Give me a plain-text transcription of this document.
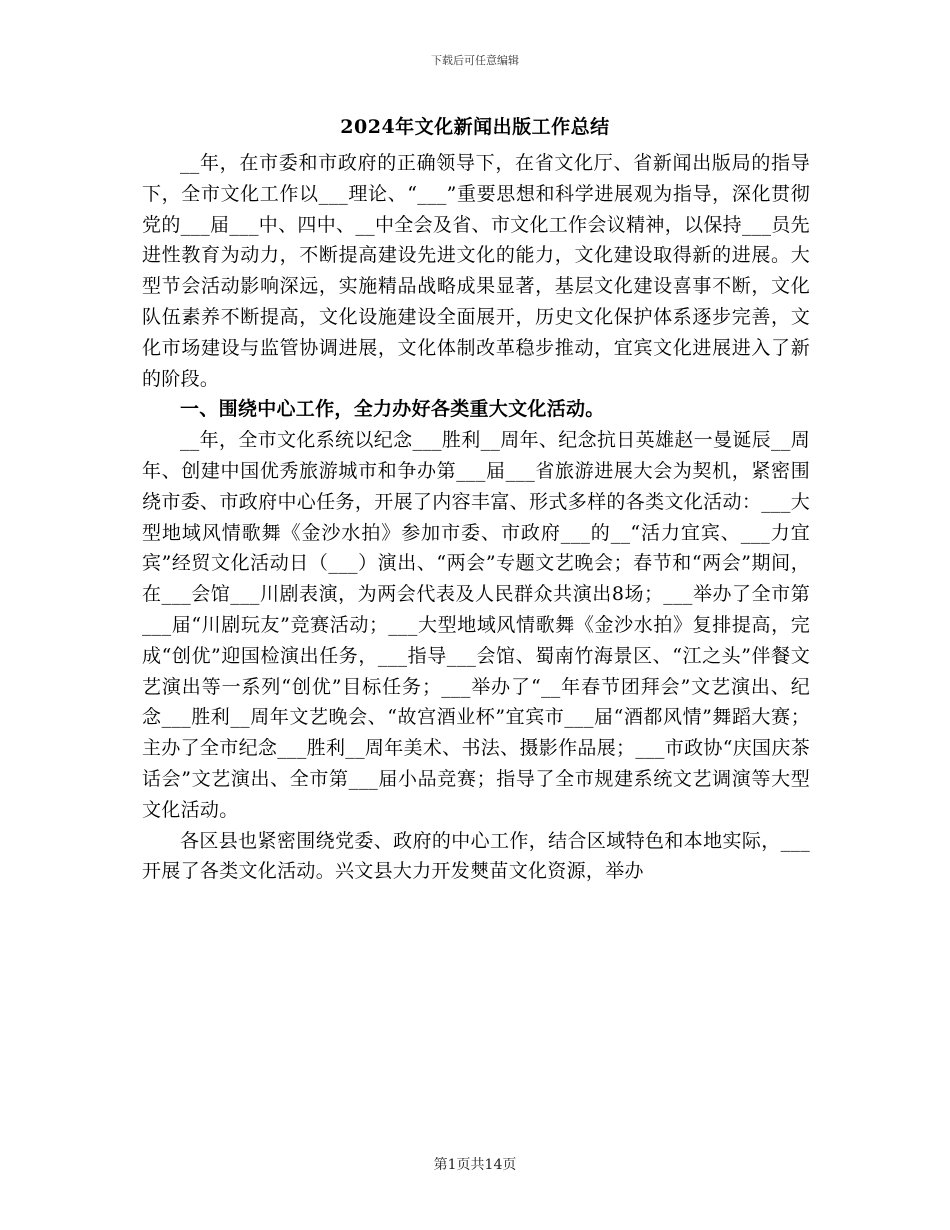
下载后可任意编辑
2024年文化新闻出版工作总结

__年，在市委和市政府的正确领导下，在省文化厅、省新闻出版局的指导下，全市文化工作以___理论、“___”重要思想和科学进展观为指导，深化贯彻党的___届___中、四中、__中全会及省、市文化工作会议精神，以保持___员先进性教育为动力，不断提高建设先进文化的能力，文化建设取得新的进展。大型节会活动影响深远，实施精品战略成果显著，基层文化建设喜事不断，文化队伍素养不断提高，文化设施建设全面展开，历史文化保护体系逐步完善，文化市场建设与监管协调进展，文化体制改革稳步推动，宜宾文化进展进入了新的阶段。

一、围绕中心工作，全力办好各类重大文化活动。

__年，全市文化系统以纪念___胜利__周年、纪念抗日英雄赵一曼诞辰__周年、创建中国优秀旅游城市和争办第___届___省旅游进展大会为契机，紧密围绕市委、市政府中心任务，开展了内容丰富、形式多样的各类文化活动：___大型地域风情歌舞《金沙水拍》参加市委、市政府___的__“活力宜宾、___力宜宾”经贸文化活动日（___）演出、“两会”专题文艺晚会；春节和“两会”期间，在___会馆___川剧表演，为两会代表及人民群众共演出8场；___举办了全市第___届“川剧玩友”竞赛活动；___大型地域风情歌舞《金沙水拍》复排提高，完成“创优”迎国检演出任务，___指导___会馆、蜀南竹海景区、“江之头”伴餐文艺演出等一系列“创优”目标任务；___举办了“__年春节团拜会”文艺演出、纪念___胜利__周年文艺晚会、“故宫酒业杯”宜宾市___届“酒都风情”舞蹈大赛；主办了全市纪念___胜利__周年美术、书法、摄影作品展；___市政协“庆国庆茶话会”文艺演出、全市第___届小品竞赛；指导了全市规建系统文艺调演等大型文化活动。

各区县也紧密围绕党委、政府的中心工作，结合区域特色和本地实际，___开展了各类文化活动。兴文县大力开发僰苗文化资源，举办

第1页共14页
